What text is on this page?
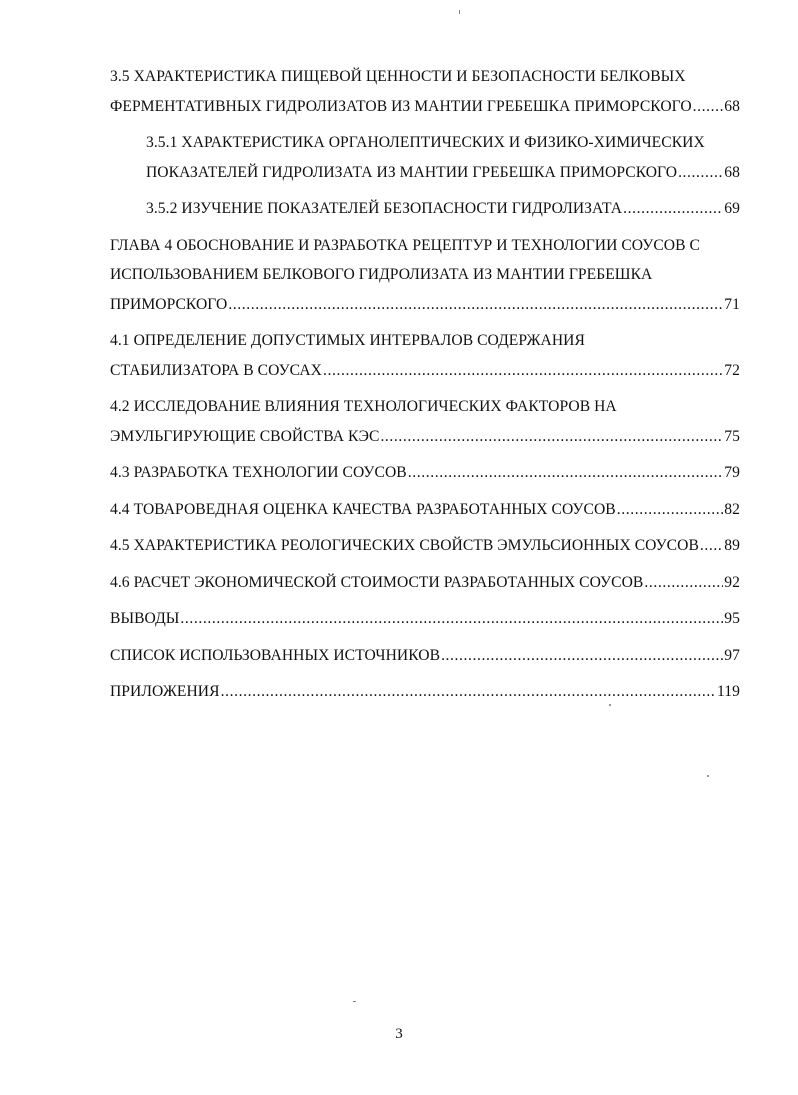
3.5 ХАРАКТЕРИСТИКА ПИЩЕВОЙ ЦЕННОСТИ И БЕЗОПАСНОСТИ БЕЛКОВЫХ
ФЕРМЕНТАТИВНЫХ ГИДРОЛИЗАТОВ ИЗ МАНТИИ ГРЕБЕШКА ПРИМОРСКОГО ..... 68
3.5.1 ХАРАКТЕРИСТИКА ОРГАНОЛЕПТИЧЕСКИХ И ФИЗИКО-ХИМИЧЕСКИХ
ПОКАЗАТЕЛЕЙ ГИДРОЛИЗАТА ИЗ МАНТИИ ГРЕБЕШКА ПРИМОРСКОГО .....	68
3.5.2 ИЗУЧЕНИЕ ПОКАЗАТЕЛЕЙ БЕЗОПАСНОСТИ ГИДРОЛИЗАТА .....	69
ГЛАВА 4 ОБОСНОВАНИЕ И РАЗРАБОТКА РЕЦЕПТУР И ТЕХНОЛОГИИ СОУСОВ С
ИСПОЛЬЗОВАНИЕМ БЕЛКОВОГО ГИДРОЛИЗАТА ИЗ МАНТИИ ГРЕБЕШКА
ПРИМОРСКОГО .....	71
4.1 ОПРЕДЕЛЕНИЕ ДОПУСТИМЫХ ИНТЕРВАЛОВ СОДЕРЖАНИЯ
СТАБИЛИЗАТОРА В СОУСАХ .....	72
4.2 ИССЛЕДОВАНИЕ ВЛИЯНИЯ ТЕХНОЛОГИЧЕСКИХ ФАКТОРОВ НА
ЭМУЛЬГИРУЮЩИЕ СВОЙСТВА КЭС .....	75
4.3 РАЗРАБОТКА ТЕХНОЛОГИИ СОУСОВ .....	79
4.4 ТОВАРОВЕДНАЯ ОЦЕНКА КАЧЕСТВА РАЗРАБОТАННЫХ СОУСОВ .....	82
4.5 ХАРАКТЕРИСТИКА РЕОЛОГИЧЕСКИХ СВОЙСТВ ЭМУЛЬСИОННЫХ СОУСОВ ..... 89
4.6 РАСЧЕТ ЭКОНОМИЧЕСКОЙ СТОИМОСТИ РАЗРАБОТАННЫХ СОУСОВ .....	92
ВЫВОДЫ .....	95
СПИСОК ИСПОЛЬЗОВАННЫХ ИСТОЧНИКОВ .....	97
ПРИЛОЖЕНИЯ .....	119
3
